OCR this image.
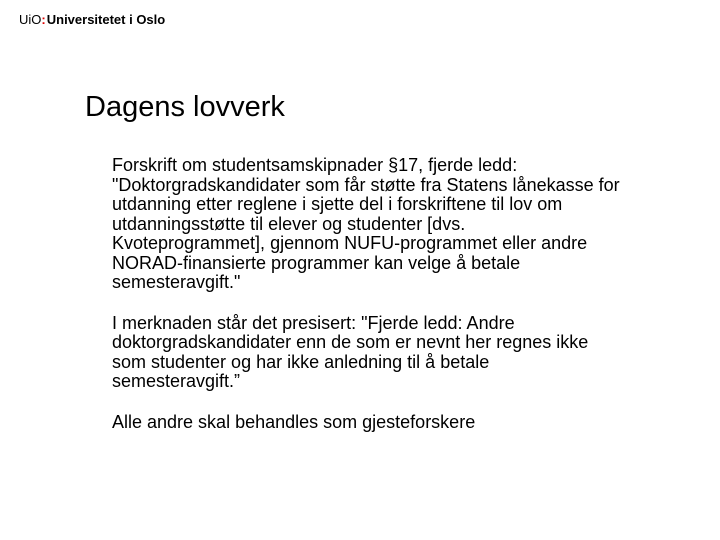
UiO : Universitetet i Oslo
Dagens lovverk

Forskrift om studentsamskipnader §17, fjerde ledd:
"Doktorgradskandidater som får støtte fra Statens lånekasse for
utdanning etter reglene i sjette del i forskriftene til lov om
utdanningsstøtte til elever og studenter [dvs.
Kvoteprogrammet], gjennom NUFU-programmet eller andre
NORAD-finansierte programmer kan velge å betale
semesteravgift."

I merknaden står det presisert: "Fjerde ledd: Andre
doktorgradskandidater enn de som er nevnt her regnes ikke
som studenter og har ikke anledning til å betale
semesteravgift.”

Alle andre skal behandles som gjesteforskere
